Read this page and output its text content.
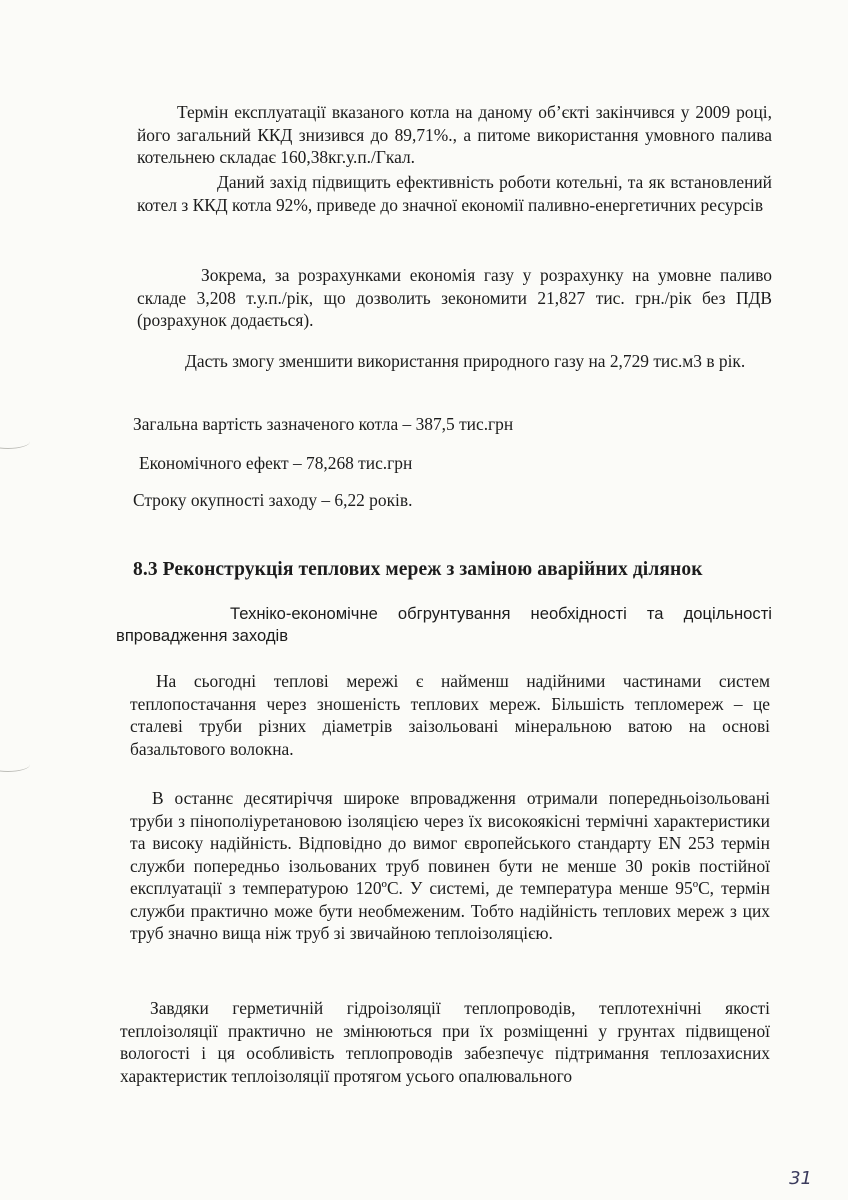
Термін експлуатації вказаного котла на даному об’єкті закінчився у 2009 році, його загальний ККД знизився до 89,71%., а питоме використання умовного палива котельнею складає 160,38кг.у.п./Гкал.

Даний захід підвищить ефективність роботи котельні, та як встановлений котел з ККД котла 92%, приведе до значної економії паливно-енергетичних ресурсів

Зокрема, за розрахунками економія газу у розрахунку на умовне паливо складе 3,208 т.у.п./рік, що дозволить зекономити 21,827 тис. грн./рік без ПДВ (розрахунок додається).

Дасть змогу зменшити використання природного газу на 2,729 тис.м3 в рік.

Загальна вартість зазначеного котла – 387,5 тис.грн

Економічного ефект – 78,268 тис.грн

Строку окупності заходу – 6,22 років.

8.3 Реконструкція теплових мереж з заміною аварійних ділянок

Техніко-економічне обгрунтування необхідності та доцільності впровадження заходів

На сьогодні теплові мережі є найменш надійними частинами систем теплопостачання через зношеність теплових мереж. Більшість тепломереж – це сталеві труби різних діаметрів заізольовані мінеральною ватою на основі базальтового волокна.

В останнє десятиріччя широке впровадження отримали попередньоізольовані труби з пінополіуретановою ізоляцією через їх високоякісні термічні характеристики та високу надійність. Відповідно до вимог європейського стандарту EN 253 термін служби попередньо ізольованих труб повинен бути не менше 30 років постійної експлуатації з температурою 120ºС. У системі, де температура менше 95ºС, термін служби практично може бути необмеженим. Тобто надійність теплових мереж з цих труб значно вища ніж труб зі звичайною теплоізоляцією.

Завдяки герметичній гідроізоляції теплопроводів, теплотехнічні якості теплоізоляції практично не змінюються при їх розміщенні у грунтах підвищеної вологості і ця особливість теплопроводів забезпечує підтримання теплозахисних характеристик теплоізоляції протягом усього опалювального

31
